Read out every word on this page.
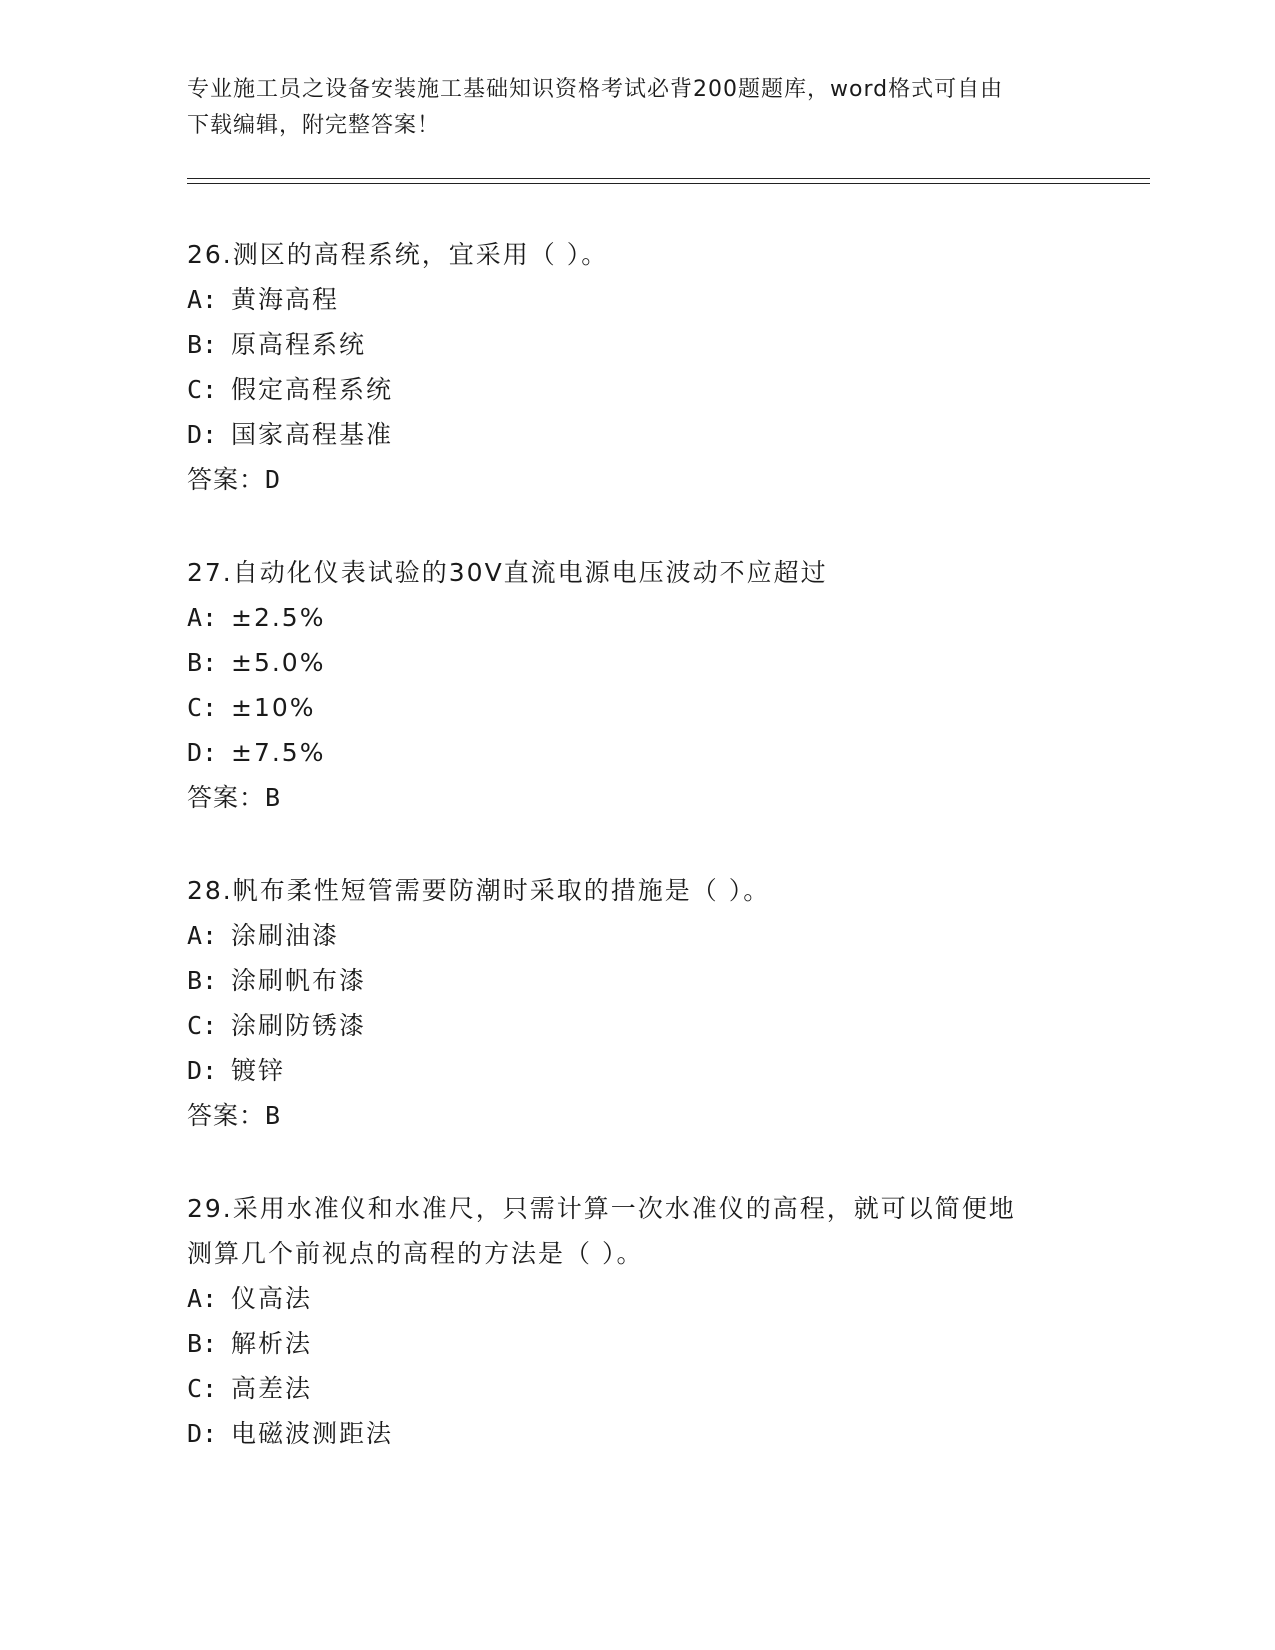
专业施工员之设备安装施工基础知识资格考试必背200题题库，word格式可自由
下载编辑，附完整答案！

26.测区的高程系统，宜采用（ ）。

A: 黄海高程
B: 原高程系统
C: 假定高程系统
D: 国家高程基准

答案：D

27.自动化仪表试验的30V直流电源电压波动不应超过

A: ±2.5%
B: ±5.0%
C: ±10%
D: ±7.5%

答案：B

28.帆布柔性短管需要防潮时采取的措施是（ ）。

A: 涂刷油漆
B: 涂刷帆布漆
C: 涂刷防锈漆
D: 镀锌

答案：B

29.采用水准仪和水准尺，只需计算一次水准仪的高程，就可以简便地

测算几个前视点的高程的方法是（ ）。

A: 仪高法
B: 解析法
C: 高差法
D: 电磁波测距法
